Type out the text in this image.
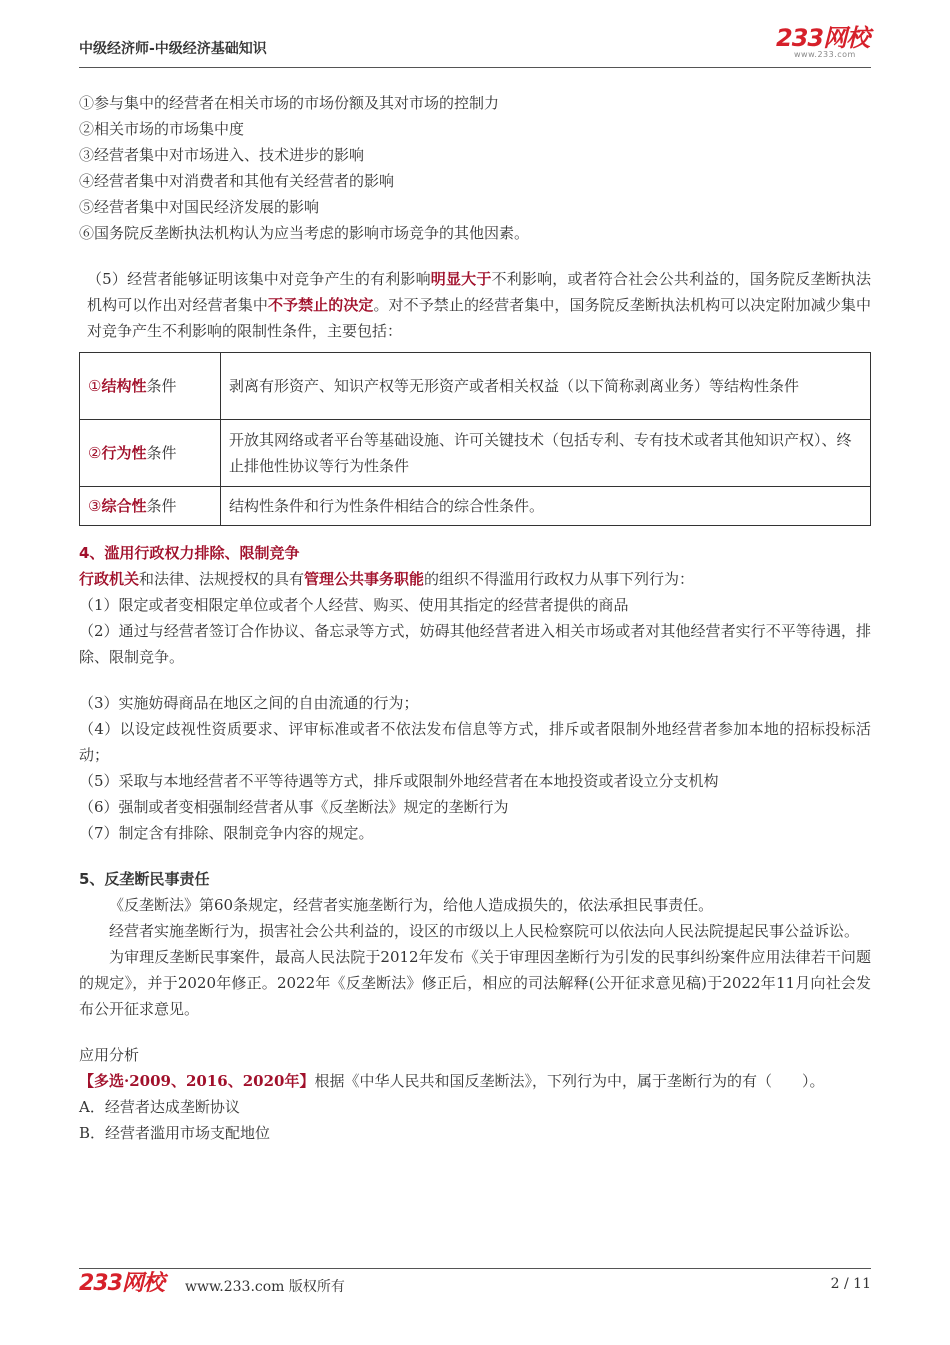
中级经济师-中级经济基础知识	233网校
www.233.com
①参与集中的经营者在相关市场的市场份额及其对市场的控制力
②相关市场的市场集中度
③经营者集中对市场进入、技术进步的影响
④经营者集中对消费者和其他有关经营者的影响
⑤经营者集中对国民经济发展的影响
⑥国务院反垄断执法机构认为应当考虑的影响市场竞争的其他因素。
（5）经营者能够证明该集中对竞争产生的有利影响明显大于不利影响，或者符合社会公共利益的，国务院反垄断执法机构可以作出对经营者集中不予禁止的决定。对不予禁止的经营者集中，国务院反垄断执法机构可以决定附加减少集中对竞争产生不利影响的限制性条件，主要包括：
①结构性条件	剥离有形资产、知识产权等无形资产或者相关权益（以下简称剥离业务）等结构性条件
②行为性条件	开放其网络或者平台等基础设施、许可关键技术（包括专利、专有技术或者其他知识产权）、终止排他性协议等行为性条件
③综合性条件	结构性条件和行为性条件相结合的综合性条件。
4、滥用行政权力排除、限制竞争
行政机关和法律、法规授权的具有管理公共事务职能的组织不得滥用行政权力从事下列行为：
（1）限定或者变相限定单位或者个人经营、购买、使用其指定的经营者提供的商品
（2）通过与经营者签订合作协议、备忘录等方式，妨碍其他经营者进入相关市场或者对其他经营者实行不平等待遇，排除、限制竞争。
（3）实施妨碍商品在地区之间的自由流通的行为；
（4）以设定歧视性资质要求、评审标准或者不依法发布信息等方式，排斥或者限制外地经营者参加本地的招标投标活动；
（5）采取与本地经营者不平等待遇等方式，排斥或限制外地经营者在本地投资或者设立分支机构
（6）强制或者变相强制经营者从事《反垄断法》规定的垄断行为
（7）制定含有排除、限制竞争内容的规定。
5、反垄断民事责任
《反垄断法》第60条规定，经营者实施垄断行为，给他人造成损失的，依法承担民事责任。
经营者实施垄断行为，损害社会公共利益的，设区的市级以上人民检察院可以依法向人民法院提起民事公益诉讼。
为审理反垄断民事案件，最高人民法院于2012年发布《关于审理因垄断行为引发的民事纠纷案件应用法律若干问题的规定》，并于2020年修正。2022年《反垄断法》修正后，相应的司法解释(公开征求意见稿)于2022年11月向社会发布公开征求意见。
应用分析
【多选·2009、2016、2020年】根据《中华人民共和国反垄断法》，下列行为中，属于垄断行为的有（　　）。
A．经营者达成垄断协议
B．经营者滥用市场支配地位
233网校 www.233.com 版权所有	2 / 11
